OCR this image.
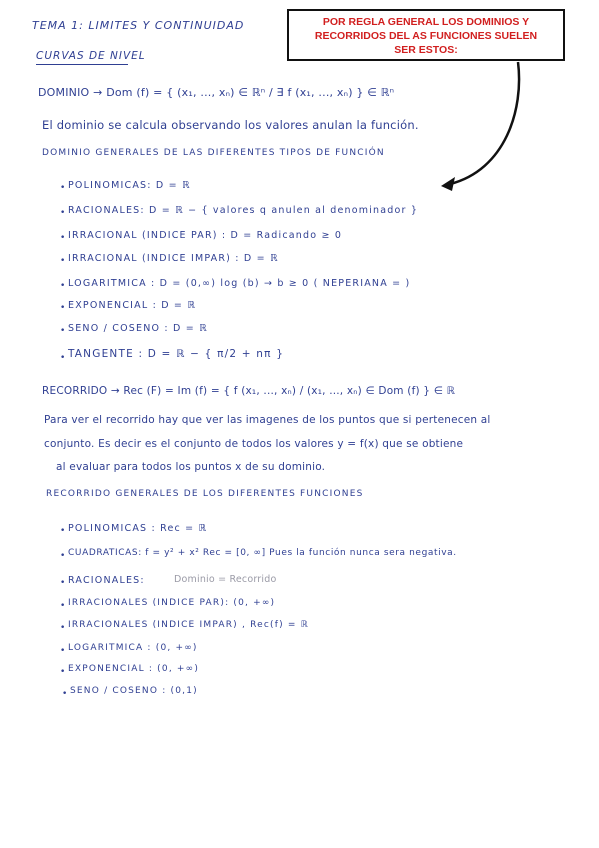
TEMA 1: LIMITES Y CONTINUIDAD
CURVAS DE NIVEL
POR REGLA GENERAL LOS DOMINIOS Y
RECORRIDOS DEL AS FUNCIONES SUELEN
SER ESTOS:
DOMINIO → Dom (f) = { (x₁, ..., xₙ) ∈ ℝⁿ / ∃ f (x₁, ..., xₙ) } ∈ ℝⁿ
El dominio se calcula observando los valores anulan la función.
DOMINIO GENERALES DE LAS DIFERENTES TIPOS DE FUNCIÓN
• POLINOMICAS: D = ℝ
• RACIONALES: D = ℝ − { valores q anulen al denominador }
• IRRACIONAL (INDICE PAR) : D = Radicando ≥ 0
• IRRACIONAL (INDICE IMPAR) : D = ℝ
• LOGARITMICA : D = (0,∞) log (b) → b ≥ 0 ( NEPERIANA = )
• EXPONENCIAL : D = ℝ
• SENO / COSENO : D = ℝ
• TANGENTE : D = ℝ − { π/2 + nπ }
RECORRIDO → Rec (F) = Im (f) = { f (x₁, ..., xₙ) / (x₁, ..., xₙ) ∈ Dom (f) } ∈ ℝ
Para ver el recorrido hay que ver las imagenes de los puntos que si pertenecen al
conjunto. Es decir es el conjunto de todos los valores y = f(x) que se obtiene
al evaluar para todos los puntos x de su dominio.
RECORRIDO GENERALES DE LOS DIFERENTES FUNCIONES
• POLINOMICAS : Rec = ℝ
• CUADRATICAS: f = y² + x² Rec = [0, ∞] Pues la función nunca sera negativa.
• RACIONALES:	Dominio = Recorrido
• IRRACIONALES (INDICE PAR): (0, +∞)
• IRRACIONALES (INDICE IMPAR) , Rec(f) = ℝ
• LOGARITMICA : (0, +∞)
• EXPONENCIAL : (0, +∞)
• SENO / COSENO : (0,1)
